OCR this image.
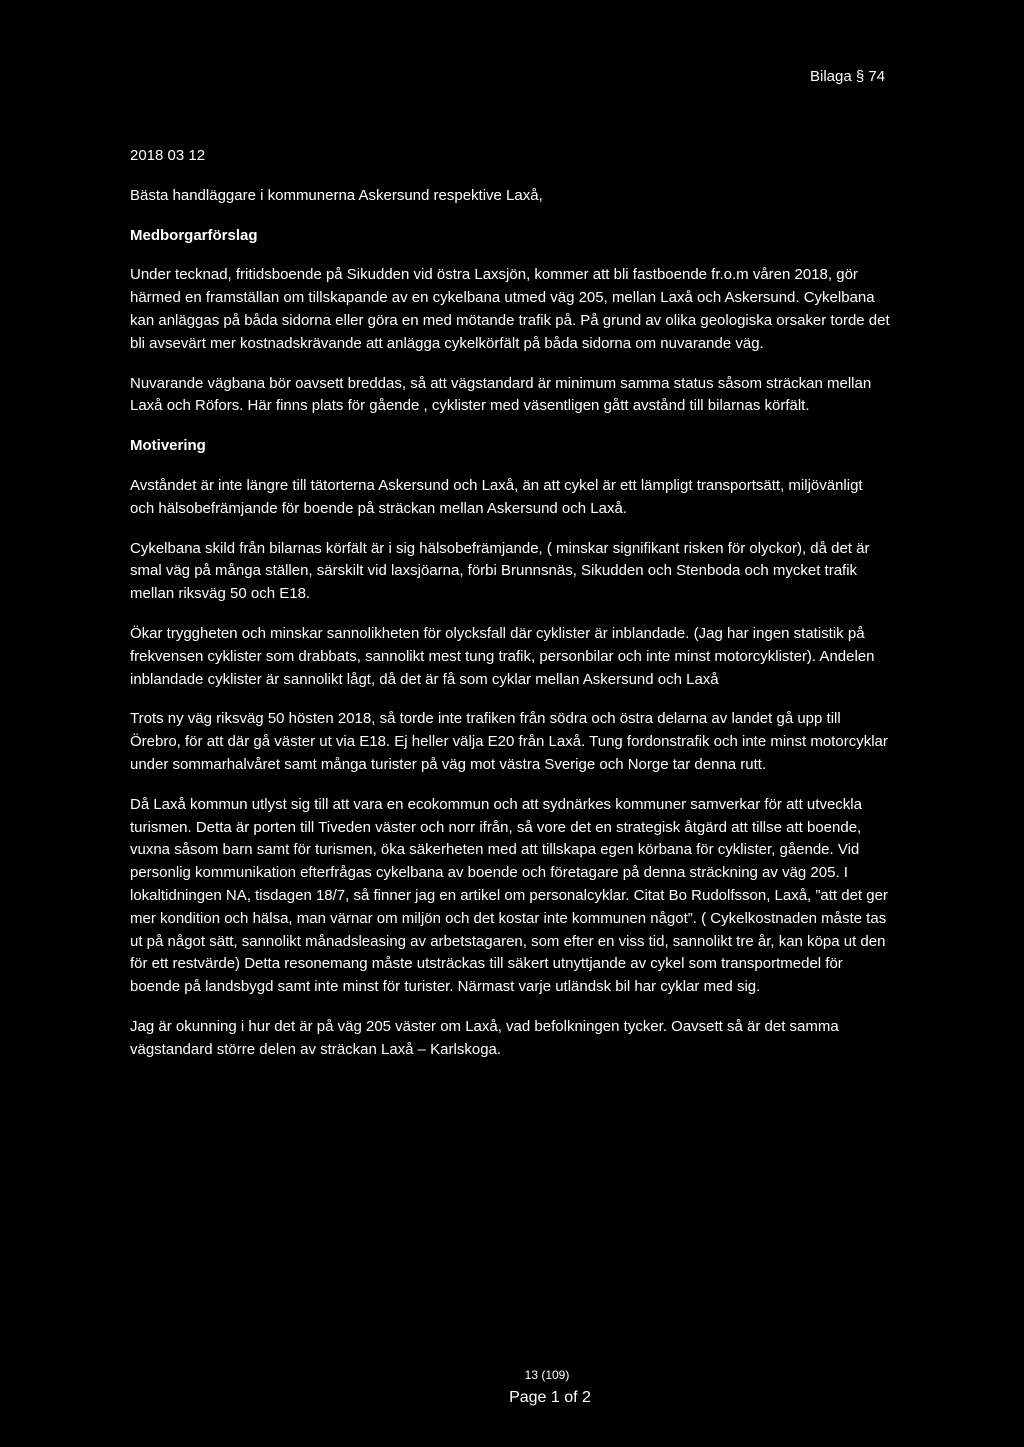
Bilaga § 74
2018 03 12
Bästa handläggare i kommunerna Askersund respektive Laxå,
Medborgarförslag

Under tecknad, fritidsboende på Sikudden vid östra Laxsjön, kommer att bli fastboende fr.o.m våren 2018, gör härmed en framställan om tillskapande av en cykelbana utmed väg 205, mellan Laxå och Askersund. Cykelbana kan anläggas på båda sidorna eller göra en med mötande trafik på. På grund av olika geologiska orsaker torde det bli avsevärt mer kostnadskrävande att anlägga cykelkörfält på båda sidorna om nuvarande väg.

Nuvarande vägbana bör oavsett breddas, så att vägstandard är minimum samma status såsom sträckan mellan Laxå och Röfors. Här finns plats för gående , cyklister med väsentligen gått avstånd till bilarnas körfält.

Motivering

Avståndet är inte längre till tätorterna Askersund och Laxå, än att cykel är ett lämpligt transportsätt, miljövänligt och hälsobefrämjande för boende på sträckan mellan Askersund och Laxå.

Cykelbana skild från bilarnas körfält är i sig hälsobefrämjande, ( minskar signifikant risken för olyckor), då det är smal väg på många ställen, särskilt vid laxsjöarna, förbi Brunnsnäs, Sikudden och Stenboda och mycket trafik mellan riksväg 50 och E18.

Ökar tryggheten och minskar sannolikheten för olycksfall där cyklister är inblandade. (Jag har ingen statistik på frekvensen cyklister som drabbats, sannolikt mest tung trafik, personbilar och inte minst motorcyklister). Andelen inblandade cyklister är sannolikt lågt, då det är få som cyklar mellan Askersund och Laxå

Trots ny väg riksväg 50 hösten 2018, så torde inte trafiken från södra och östra delarna av landet gå upp till Örebro, för att där gå väster ut via E18. Ej heller välja E20 från Laxå. Tung fordonstrafik och inte minst motorcyklar under sommarhalvåret samt många turister på väg mot västra Sverige och Norge tar denna rutt.

Då Laxå kommun utlyst sig till att vara en ecokommun och att sydnärkes kommuner samverkar för att utveckla turismen. Detta är porten till Tiveden väster och norr ifrån, så vore det en strategisk åtgärd att tillse att boende, vuxna såsom barn samt för turismen, öka säkerheten med att tillskapa egen körbana för cyklister, gående. Vid personlig kommunikation efterfrågas cykelbana av boende och företagare på denna sträckning av väg 205. I lokaltidningen NA, tisdagen 18/7, så finner jag en artikel om personalcyklar. Citat Bo Rudolfsson, Laxå, ”att det ger mer kondition och hälsa, man värnar om miljön och det kostar inte kommunen något”. ( Cykelkostnaden måste tas ut på något sätt, sannolikt månadsleasing av arbetstagaren, som efter en viss tid, sannolikt tre år, kan köpa ut den för ett restvärde) Detta resonemang måste utsträckas till säkert utnyttjande av cykel som transportmedel för boende på landsbygd samt inte minst för turister. Närmast varje utländsk bil har cyklar med sig.

Jag är okunning i hur det är på väg 205 väster om Laxå, vad befolkningen tycker. Oavsett så är det samma vägstandard större delen av sträckan Laxå – Karlskoga.

13 (109)
Page 1 of 2
